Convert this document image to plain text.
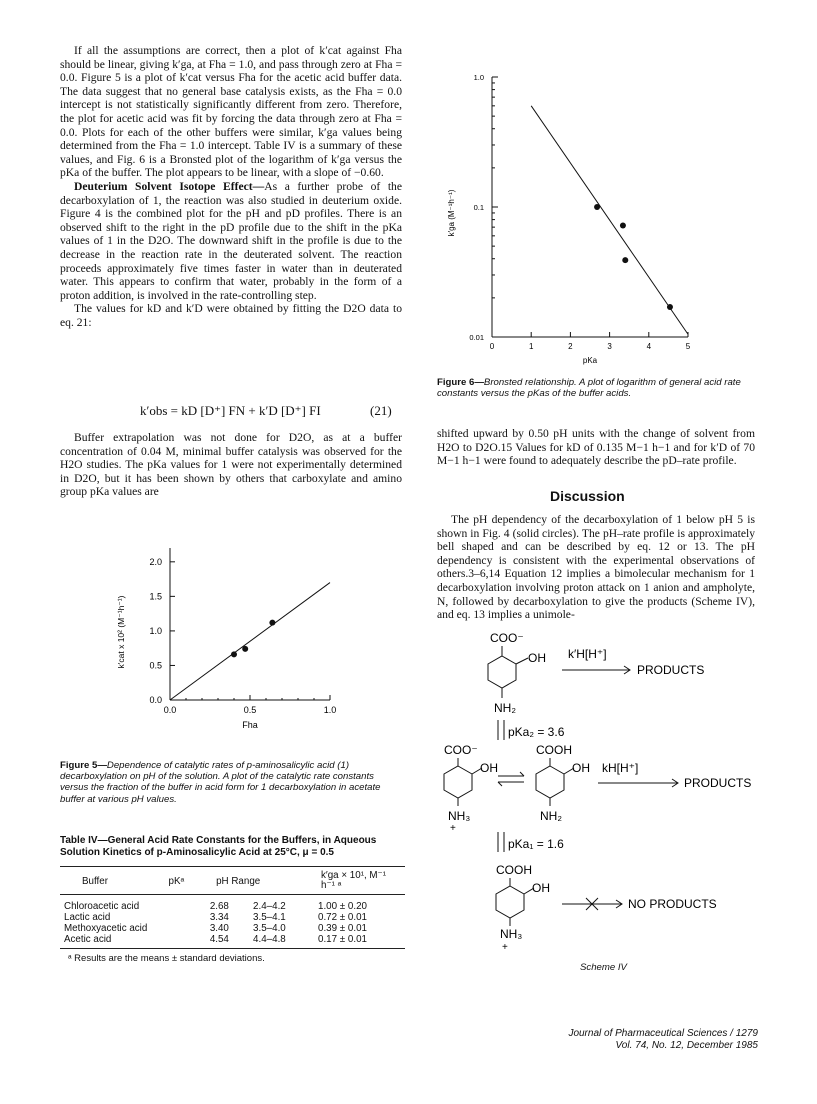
If all the assumptions are correct, then a plot of k′cat against Fha should be linear, giving k′ga, at Fha = 1.0, and pass through zero at Fha = 0.0. Figure 5 is a plot of k′cat versus Fha for the acetic acid buffer data. The data suggest that no general base catalysis exists, as the Fha = 0.0 intercept is not statistically significantly different from zero. Therefore, the plot for acetic acid was fit by forcing the data through zero at Fha = 0.0. Plots for each of the other buffers were similar, k′ga values being determined from the Fha = 1.0 intercept. Table IV is a summary of these values, and Fig. 6 is a Bronsted plot of the logarithm of k′ga versus the pKa of the buffer. The plot appears to be linear, with a slope of −0.60.

Deuterium Solvent Isotope Effect—As a further probe of the decarboxylation of 1, the reaction was also studied in deuterium oxide. Figure 4 is the combined plot for the pH and pD profiles. There is an observed shift to the right in the pD profile due to the shift in the pKa values of 1 in the D2O. The downward shift in the profile is due to the decrease in the reaction rate in the deuterated solvent. The reaction proceeds approximately five times faster in water than in deuterated water. This appears to confirm that water, probably in the form of a proton addition, is involved in the rate-controlling step.

The values for kD and k′D were obtained by fitting the D2O data to eq. 21:

k′obs = kD [D⁺] FN + k′D [D⁺] FI	(21)

Buffer extrapolation was not done for D2O, as at a buffer concentration of 0.04 M, minimal buffer catalysis was observed for the H2O studies. The pKa values for 1 were not experimentally determined in D2O, but it has been shown by others that carboxylate and amino group pKa values are

0.0	0.5	1.0
0.0
0.5
1.0
1.5
2.0
Fha
k′cat x 10² (M⁻¹h⁻¹)
Figure 5—Dependence of catalytic rates of p-aminosalicylic acid (1) decarboxylation on pH of the solution. A plot of the catalytic rate constants versus the fraction of the buffer in acid form for 1 decarboxylation in acetate buffer at various pH values.
Table IV—General Acid Rate Constants for the Buffers, in Aqueous Solution Kinetics of p-Aminosalicylic Acid at 25°C, μ = 0.5
Buffer	pKᵃ	pH Range	k′ga × 10¹, M⁻¹ h⁻¹ ᵃ
Chloroacetic acid	2.68	2.4–4.2	1.00 ± 0.20
Lactic acid	3.34	3.5–4.1	0.72 ± 0.01
Methoxyacetic acid	3.40	3.5–4.0	0.39 ± 0.01
Acetic acid	4.54	4.4–4.8	0.17 ± 0.01
ᵃ Results are the means ± standard deviations.
0	1	2	3	4	5
0.01
0.1
1.0
pKa
k′ga (M⁻¹h⁻¹)
Figure 6—Bronsted relationship. A plot of logarithm of general acid rate constants versus the pKas of the buffer acids.

shifted upward by 0.50 pH units with the change of solvent from H2O to D2O.15 Values for kD of 0.135 M−1 h−1 and for k′D of 70 M−1 h−1 were found to adequately describe the pD–rate profile.

Discussion

The pH dependency of the decarboxylation of 1 below pH 5 is shown in Fig. 4 (solid circles). The pH–rate profile is approximately bell shaped and can be described by eq. 12 or 13. The pH dependency is consistent with the experimental observations of others.3–6,14 Equation 12 implies a bimolecular mechanism for 1 decarboxylation involving proton attack on 1 anion and ampholyte, N, followed by decarboxylation to give the products (Scheme IV), and eq. 13 implies a unimole-

COO⁻
OH
NH₂
k′H[H⁺]
PRODUCTS
pKa₂ = 3.6
COO⁻
OH
NH₃
+
COOH
OH
NH₂
kH[H⁺]
PRODUCTS
pKa₁ = 1.6
COOH
OH
NH₃
+
NO PRODUCTS
Scheme IV
Journal of Pharmaceutical Sciences / 1279
Vol. 74, No. 12, December 1985
